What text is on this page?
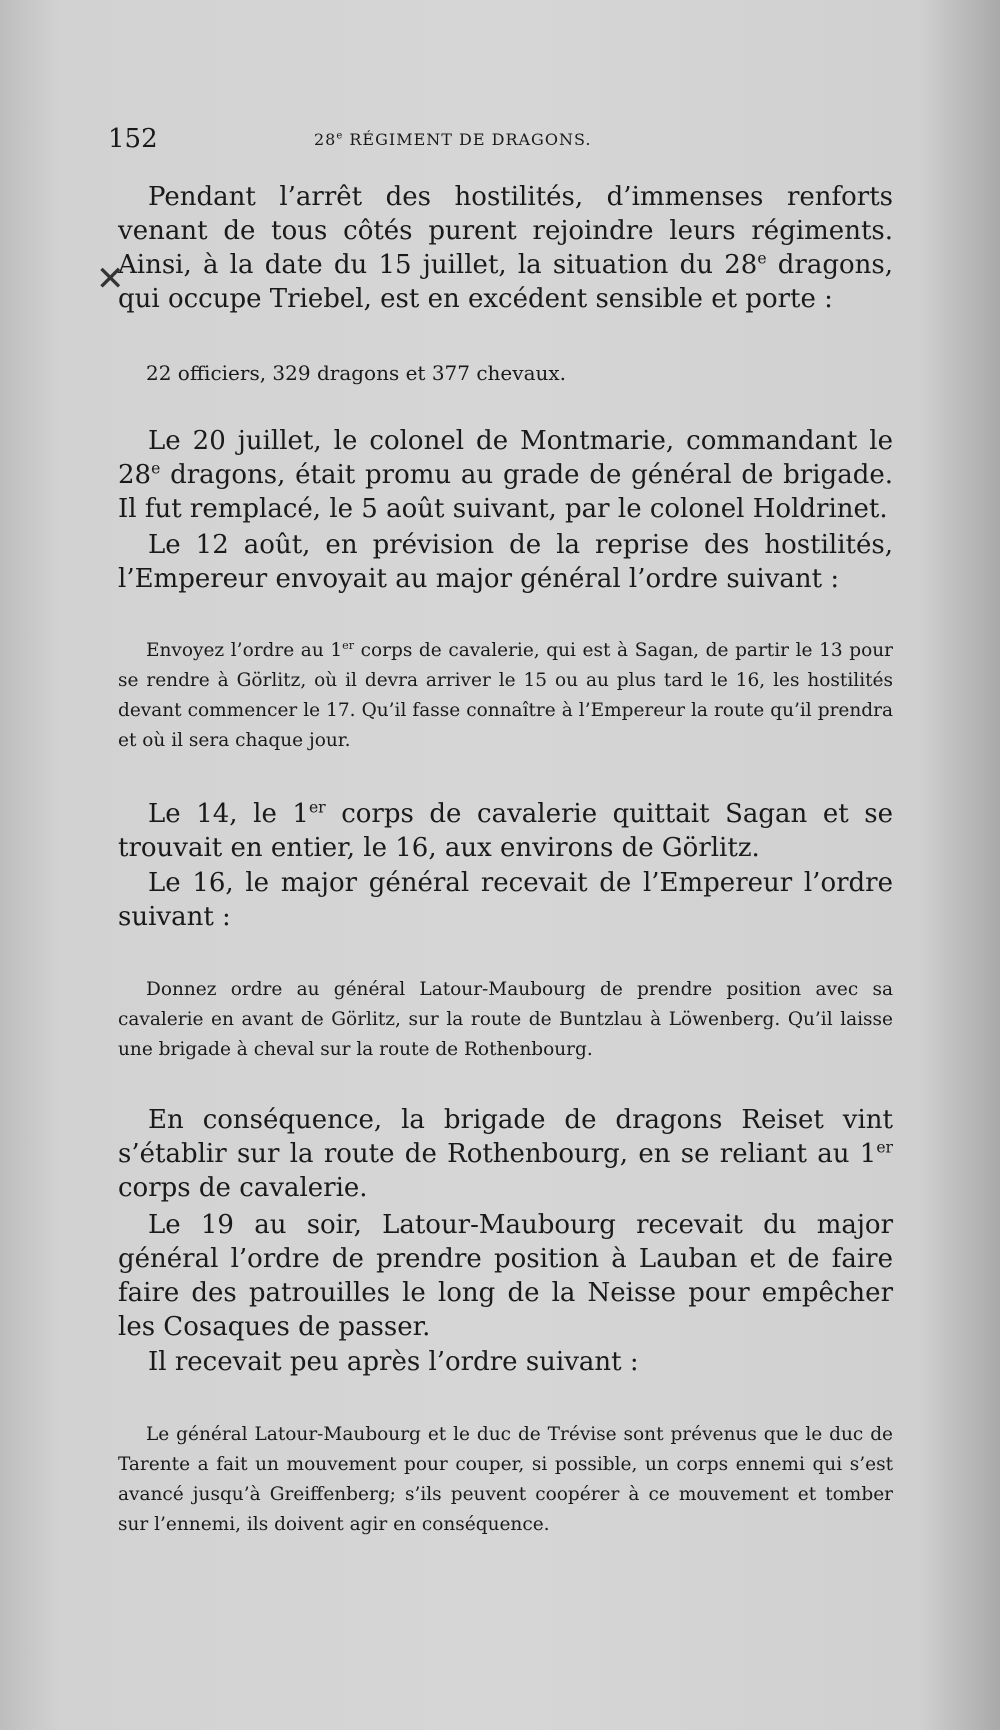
152	28e RÉGIMENT DE DRAGONS.
✕

Pendant l’arrêt des hostilités, d’immenses renforts venant de tous côtés purent rejoindre leurs régiments. Ainsi, à la date du 15 juillet, la situation du 28e dragons, qui occupe Triebel, est en excédent sensible et porte :

22 officiers, 329 dragons et 377 chevaux.

Le 20 juillet, le colonel de Montmarie, commandant le 28e dragons, était promu au grade de général de brigade. Il fut remplacé, le 5 août suivant, par le colonel Holdrinet.

Le 12 août, en prévision de la reprise des hostilités, l’Empereur envoyait au major général l’ordre suivant :

Envoyez l’ordre au 1er corps de cavalerie, qui est à Sagan, de partir le 13 pour se rendre à Görlitz, où il devra arriver le 15 ou au plus tard le 16, les hostilités devant commencer le 17. Qu’il fasse connaître à l’Empereur la route qu’il prendra et où il sera chaque jour.

Le 14, le 1er corps de cavalerie quittait Sagan et se trouvait en entier, le 16, aux environs de Görlitz.

Le 16, le major général recevait de l’Empereur l’ordre suivant :

Donnez ordre au général Latour-Maubourg de prendre position avec sa cavalerie en avant de Görlitz, sur la route de Buntzlau à Löwenberg. Qu’il laisse une brigade à cheval sur la route de Rothenbourg.

En conséquence, la brigade de dragons Reiset vint s’établir sur la route de Rothenbourg, en se reliant au 1er corps de cavalerie.

Le 19 au soir, Latour-Maubourg recevait du major général l’ordre de prendre position à Lauban et de faire faire des patrouilles le long de la Neisse pour empêcher les Cosaques de passer.

Il recevait peu après l’ordre suivant :

Le général Latour-Maubourg et le duc de Trévise sont prévenus que le duc de Tarente a fait un mouvement pour couper, si possible, un corps ennemi qui s’est avancé jusqu’à Greiffenberg; s’ils peuvent coopérer à ce mouvement et tomber sur l’ennemi, ils doivent agir en conséquence.
